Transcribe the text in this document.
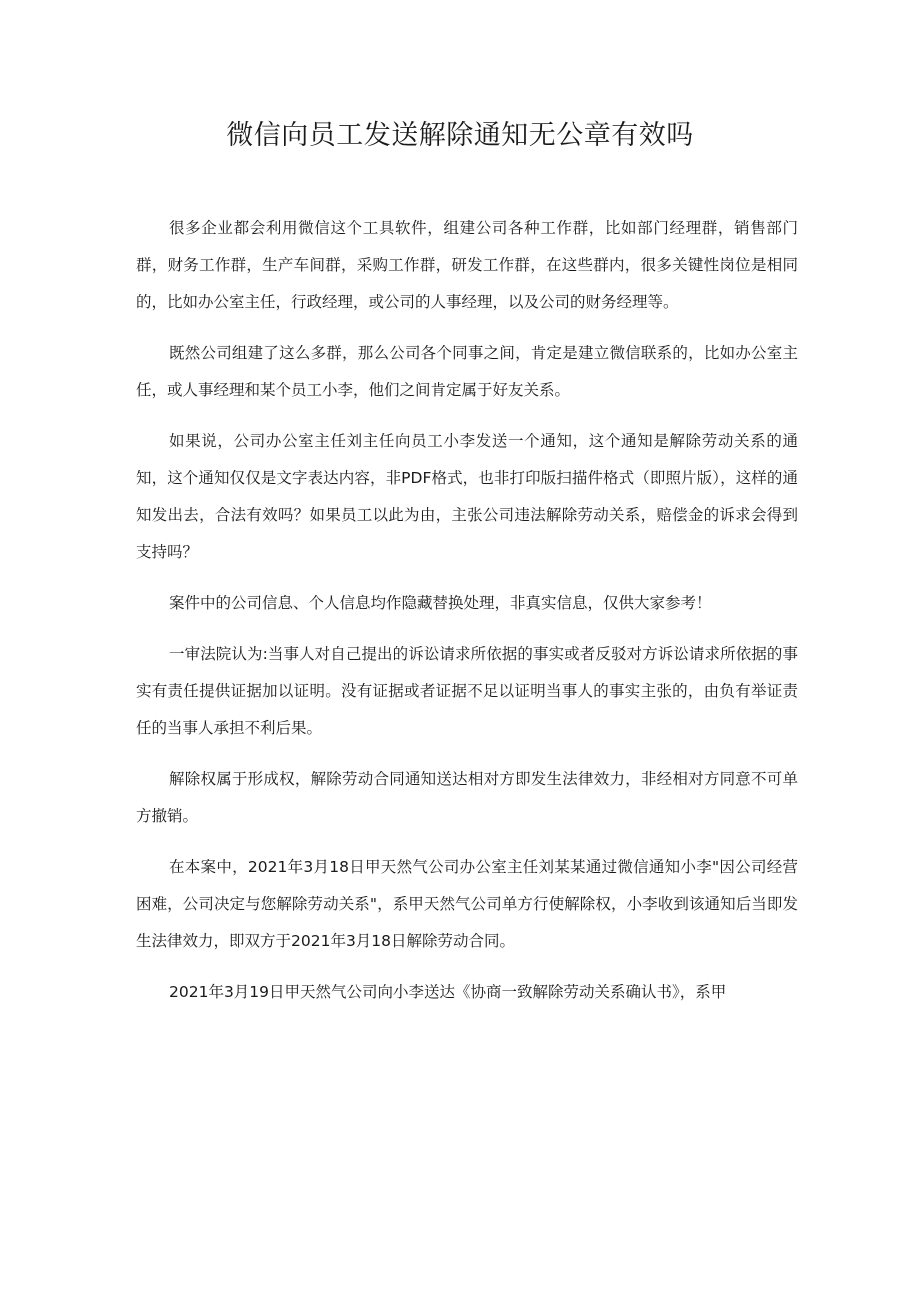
微信向员工发送解除通知无公章有效吗

很多企业都会利用微信这个工具软件，组建公司各种工作群，比如部门经理群，销售部门群，财务工作群，生产车间群，采购工作群，研发工作群，在这些群内，很多关键性岗位是相同的，比如办公室主任，行政经理，或公司的人事经理，以及公司的财务经理等。

既然公司组建了这么多群，那么公司各个同事之间，肯定是建立微信联系的，比如办公室主任，或人事经理和某个员工小李，他们之间肯定属于好友关系。

如果说，公司办公室主任刘主任向员工小李发送一个通知，这个通知是解除劳动关系的通知，这个通知仅仅是文字表达内容，非PDF格式，也非打印版扫描件格式（即照片版），这样的通知发出去，合法有效吗？如果员工以此为由，主张公司违法解除劳动关系，赔偿金的诉求会得到支持吗？

案件中的公司信息、个人信息均作隐藏替换处理，非真实信息，仅供大家参考！

一审法院认为:当事人对自己提出的诉讼请求所依据的事实或者反驳对方诉讼请求所依据的事实有责任提供证据加以证明。没有证据或者证据不足以证明当事人的事实主张的，由负有举证责任的当事人承担不利后果。

解除权属于形成权，解除劳动合同通知送达相对方即发生法律效力，非经相对方同意不可单方撤销。

在本案中，2021年3月18日甲天然气公司办公室主任刘某某通过微信通知小李"因公司经营困难，公司决定与您解除劳动关系"，系甲天然气公司单方行使解除权，小李收到该通知后当即发生法律效力，即双方于2021年3月18日解除劳动合同。

2021年3月19日甲天然气公司向小李送达《协商一致解除劳动关系确认书》，系甲
